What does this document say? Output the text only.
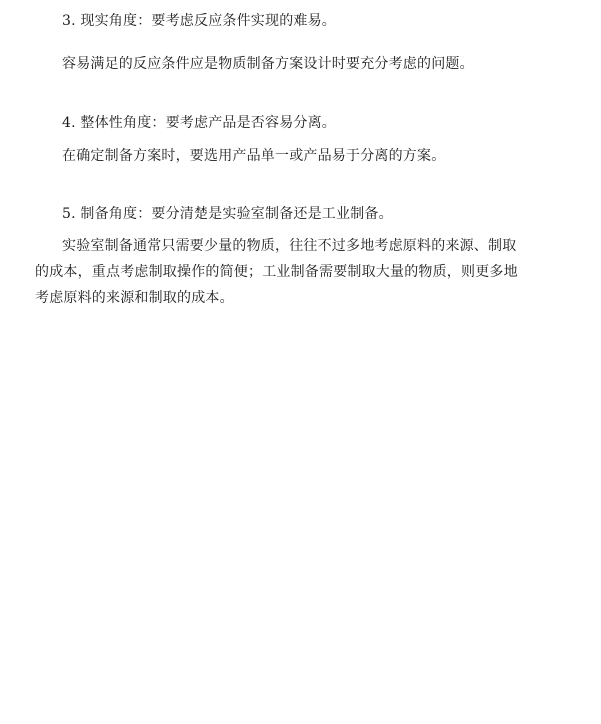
3. 现实角度：要考虑反应条件实现的难易。
容易满足的反应条件应是物质制备方案设计时要充分考虑的问题。
4. 整体性角度：要考虑产品是否容易分离。
在确定制备方案时，要选用产品单一或产品易于分离的方案。
5. 制备角度：要分清楚是实验室制备还是工业制备。
实验室制备通常只需要少量的物质，往往不过多地考虑原料的来源、制取
的成本，重点考虑制取操作的简便；工业制备需要制取大量的物质，则更多地
考虑原料的来源和制取的成本。
